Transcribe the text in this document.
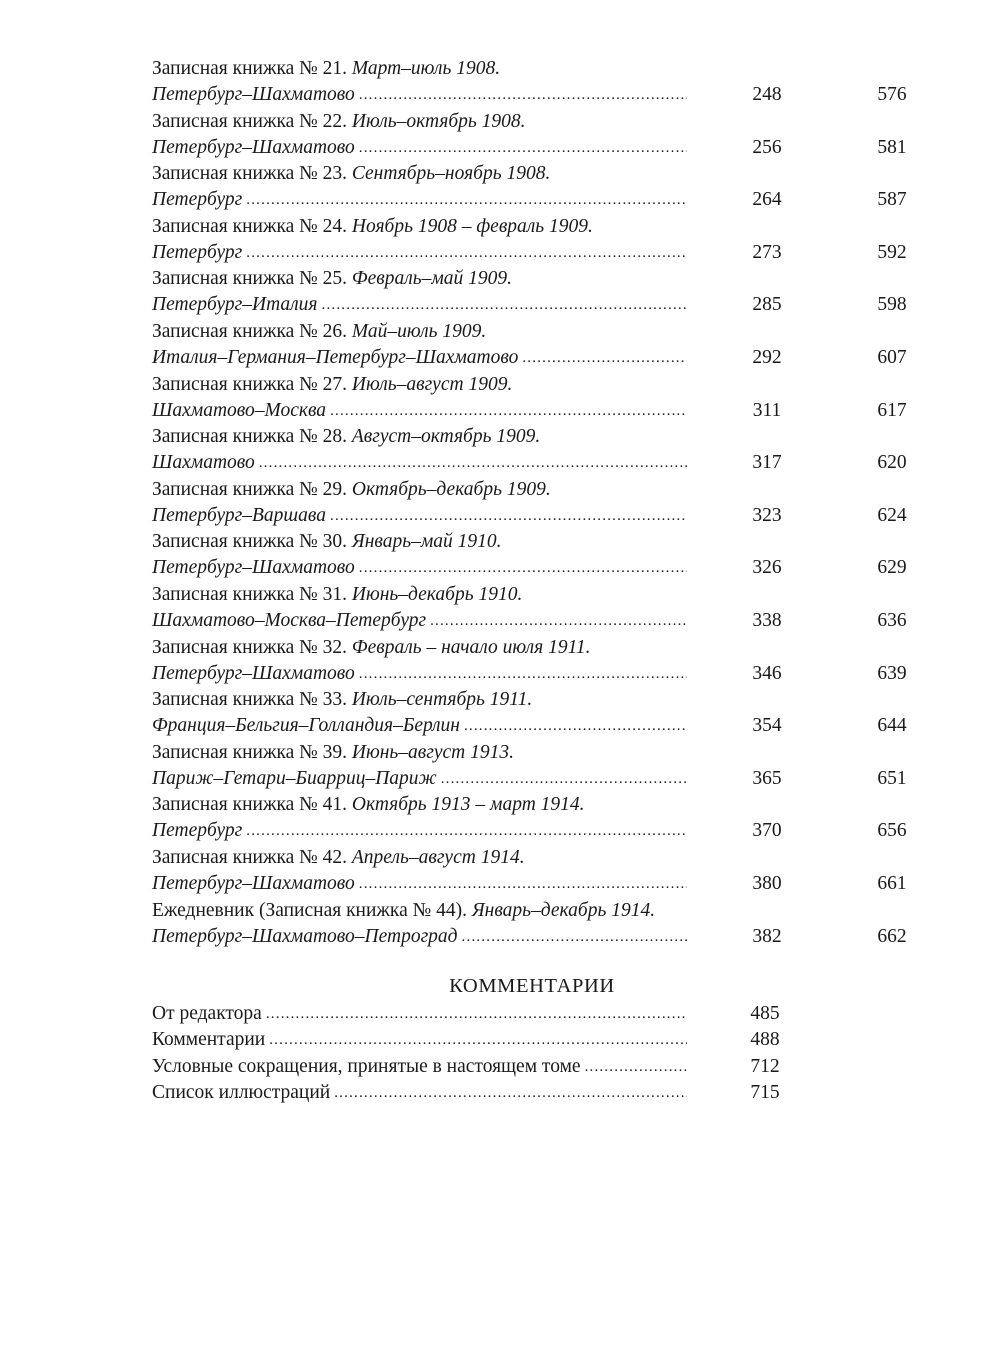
Записная книжка № 21. Март–июль 1908.
Петербург–Шахматово .....	248	576
Записная книжка № 22. Июль–октябрь 1908.
Петербург–Шахматово .....	256	581
Записная книжка № 23. Сентябрь–ноябрь 1908.
Петербург .....	264	587
Записная книжка № 24. Ноябрь 1908 – февраль 1909.
Петербург .....	273	592
Записная книжка № 25. Февраль–май 1909.
Петербург–Италия .....	285	598
Записная книжка № 26. Май–июль 1909.
Италия–Германия–Петербург–Шахматово .....	292	607
Записная книжка № 27. Июль–август 1909.
Шахматово–Москва .....	311	617
Записная книжка № 28. Август–октябрь 1909.
Шахматово .....	317	620
Записная книжка № 29. Октябрь–декабрь 1909.
Петербург–Варшава .....	323	624
Записная книжка № 30. Январь–май 1910.
Петербург–Шахматово .....	326	629
Записная книжка № 31. Июнь–декабрь 1910.
Шахматово–Москва–Петербург .....	338	636
Записная книжка № 32. Февраль – начало июля 1911.
Петербург–Шахматово .....	346	639
Записная книжка № 33. Июль–сентябрь 1911.
Франция–Бельгия–Голландия–Берлин .....	354	644
Записная книжка № 39. Июнь–август 1913.
Париж–Гетари–Биарриц–Париж .....	365	651
Записная книжка № 41. Октябрь 1913 – март 1914.
Петербург .....	370	656
Записная книжка № 42. Апрель–август 1914.
Петербург–Шахматово .....	380	661
Ежедневник (Записная книжка № 44). Январь–декабрь 1914.
Петербург–Шахматово–Петроград .....	382	662
КОММЕНТАРИИ
От редактора .....	485
Комментарии .....	488
Условные сокращения, принятые в настоящем томе .....	712
Список иллюстраций .....	715
